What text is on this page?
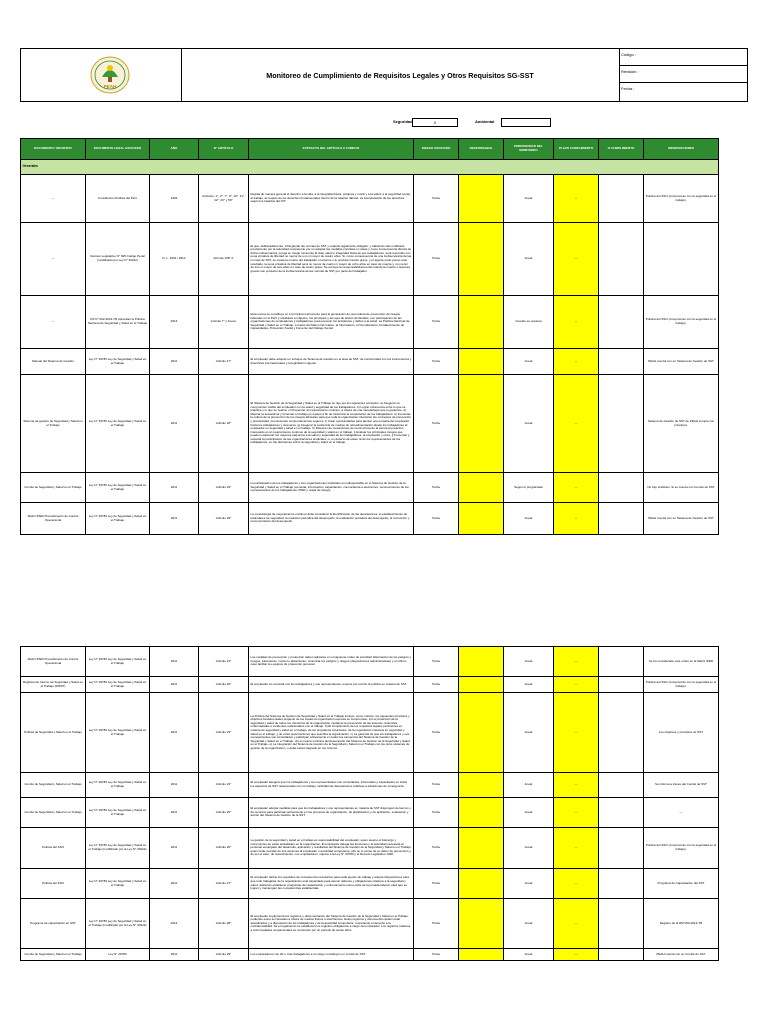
PEAH
Monitoreo de Cumplimiento de Requisitos Legales y Otros Requisitos SG-SST
Código :
Revisión :
Fecha :
Seguridad	X	Ambiental
DOCUMENTO / REGISTRO	DOCUMENTO LEGAL ASOCIADO	AÑO	N° ARTÍCULO	EXTRACTO DEL ARTÍCULO A CUMPLIR	RIESGO ASOCIADO	RESPONSABLE	PERIODICIDAD DEL MONITOREO	PLAZO CUMPLIMIENTO	% CUMPLIMIENTO	OBSERVACIONES
Generales										
---	Constitución Política del Perú	1993	Artículos: 1°, 2°, 7°, 9°, 10°, 11°, 22°, 23° y 59°	Regula de manera general el derecho a la vida, a la integridad física, psíquica y moral y a la salud, a la seguridad social, al trabajo, al respeto de los derechos fundamentales dentro de la relación laboral. La interpretación de los derechos según los tratados del OIT.	Todos		Anual	---		Política del SSO (compromiso con la seguridad en el trabajo).
---	Decreto Legislativo N° 635 Código Penal (modificado por Ley N° 30222)	D. L. 1991 / 2014	Artículo 168° A	El que, deliberadamente, infringiendo las normas de SST y estando legalmente obligado, y habiendo sido notificado previamente por la autoridad competente por no adoptar las medidas previstas en éstas y como consecuencia directa de dicha inobservancia, ponga en riesgo inminente la vida, salud o integridad física de sus trabajadores, será reprimido con pena privativa de libertad no menor de uno ni mayor de cuatro años. Si, como consecuencia de una inobservancia de las normas de SST, se causa la muerte del trabajador o terceros o le producen lesión grave, y el agente pudo prever este resultado, la pena privativa de libertad será no menor de cuatro ni mayor de ocho años en caso de muerte y, no menor de tres ni mayor de seis años en caso de lesión grave. Se excluye la responsabilidad penal cuando la muerte o lesiones graves son producto de la inobservancia de las normas de SST por parte del trabajador.	Todos		Anual	---		
---	DS N° 002-2013-TR Aprueban la Política Nacional de Seguridad y Salud en el Trabajo	2013	Artículo 7° y Anexo	Esta norma se constituye en el principal instrumento para la generación de una cultura de prevención de riesgos laborales en el Perú y establece el objetivo, los principios y los ejes de acción del Estado, con participación de las organizaciones de empleadores y trabajadores, para prevenir los accidentes y daños a la salud. La Política Nacional de Seguridad y Salud en el Trabajo, a través del Marco Normativo, la Información, el Cumplimiento, Fortalecimiento de Capacidades, Protección Social y Fomento del Diálogo Social.	Todos		Cuando se requiera	---		Política del SSO (compromiso con la seguridad en el trabajo).
Manual del Sistema de Gestión	Ley N° 29783 Ley de Seguridad y Salud en el Trabajo	2011	Artículo 17°	El empleador debe adoptar un enfoque de Sistema de Gestión en el área de SST, de conformidad con los instrumentos y directrices internacionales y la legislación vigente.	Todos		Anual	---		PEAH cuenta con un Sistema de Gestión de SST
Sistema de gestión de Seguridad y Salud en el Trabajo	Ley N° 29783 Ley de Seguridad y Salud en el Trabajo	2011	Artículo 18°	El Sistema de Gestión de la Seguridad y Salud en el Trabajo se rige por los siguientes principios: a) Asegurar un compromiso visible del empleador con la salud y seguridad de los trabajadores. b) Lograr coherencia entre lo que se planifica y lo que se realiza. c) Propender al mejoramiento continuo, a través de una metodología que lo garantice. d) Mejorar la autoestima y fomentar el trabajo en equipo a fin de incentivar la cooperación de los trabajadores. e) Fomentar la cultura de la prevención de los riesgos laborales para que toda la organización interiorice los conceptos de prevención y proactividad, promoviendo comportamientos seguros. f) Crear oportunidades para alentar una empatía del empleador hacia los trabajadores y viceversa. g) Asegurar la existencia de medios de retroalimentación desde los trabajadores al empleador en seguridad y salud en el trabajo. h) Disponer de mecanismos de reconocimiento al personal proactivo interesado en el mejoramiento continuo de la seguridad y salud en el trabajo. i) Evaluar los principales riesgos que pueden ocasionar los mayores perjuicios a la salud y seguridad de los trabajadores, al empleador y otros. j) Fomentar y respetar la participación de las organizaciones sindicales -o, en defecto de estas, la de los representantes de los trabajadores- en las decisiones sobre la seguridad y salud en el trabajo.	Todos		Anual	---		Sistema de Gestión de SST de PEAH cumple con principios.
Comité de Seguridad y Salud en el Trabajo	Ley N° 29783 Ley de Seguridad y Salud en el Trabajo	2011	Artículo 19°	La participación de los trabajadores y sus organizaciones sindicales es indispensable en el Sistema de Gestión de la Seguridad y Salud en el Trabajo (consulta, información, capacitación, convocatoria a elecciones, reconocimiento de los representantes de los trabajadores, IPER y mapa de riesgo).	Todos		Según lo programado	---		No hay sindicato. Si se cuenta con Comité de SST
Matriz IPER Procedimiento de Control Operacional	Ley N° 29783 Ley de Seguridad y Salud en el Trabajo	2011	Artículo 20°	La metodología de mejoramiento continuo debe considerar la identificación de las desviaciones, el establecimiento de estándares de seguridad, la medición periódica del desempeño, la evaluación periódica del desempeño, la corrección y reconocimiento del desempeño.	Todos		Anual	---		PEAH cuenta con un Sistema de Gestión de SST
Matriz IPER Procedimiento de Control Operacional	Ley N° 29783 Ley de Seguridad y Salud en el Trabajo	2011	Artículo 21°	Las medidas de prevención y protección deben aplicarse en el siguiente orden de prioridad: Eliminación de los peligros y riesgos; tratamiento, control o aislamiento; minimizar los peligros y riesgos (disposiciones administrativas) y en último caso facilitar los equipos de protección personal.	Todos		Anual	---		Se ha considerado este orden en la Matriz IPER
Reglamento Interno de Seguridad y Salud en el Trabajo (RISST)	Ley N° 29783 Ley de Seguridad y Salud en el Trabajo	2011	Artículo 22°	El empleador en consulta con los trabajadores y sus representantes, expone por escrito la política en materia de SST.	Todos		Anual	---		Política del SSO (compromiso con la seguridad en el trabajo).
Política de Seguridad y Salud en el Trabajo	Ley N° 29783 Ley de Seguridad y Salud en el Trabajo	2011	Artículo 23°	La Política del Sistema de Gestión de Seguridad y Salud en el Trabajo incluye, como mínimo, los siguientes principios y objetivos fundamentales respecto de los cuales la organización expresa su compromiso: a) La protección de la seguridad y salud de todos los miembros de la organización mediante la prevención de las lesiones, dolencias, enfermedades e incidentes relacionados con el trabajo. b) El cumplimiento de los requisitos legales pertinentes en materia de seguridad y salud en el trabajo, de los programas voluntarios, de la negociación colectiva en seguridad y salud en el trabajo, y de otras prescripciones que suscriba la organización. c) La garantía de que los trabajadores y sus representantes son consultados y participan activamente en todos los elementos del Sistema de Gestión de la Seguridad y Salud en el Trabajo. d) La mejora continua del desempeño del Sistema de Gestión de la Seguridad y Salud en el Trabajo. e) La integración del Sistema de Gestión de la Seguridad y Salud en el Trabajo con los otros sistemas de gestión de la organización, o debe estar integrado en los mismos.	Todos		Anual	---		Los objetivos y principios de SST
Comité de Seguridad y Salud en el Trabajo	Ley N° 29783 Ley de Seguridad y Salud en el Trabajo	2011	Artículo 24°	El empleador asegura que los trabajadores y sus representantes son consultados, informados y capacitados en todos los aspectos de SST relacionados con su trabajo, incluidas las disposiciones relativas a situaciones de emergencia.	Todos		Anual	---		Se informa a través del Comité de SST
Comité de Seguridad y Salud en el Trabajo	Ley N° 29783 Ley de Seguridad y Salud en el Trabajo	2011	Artículo 25°	El empleador adopta medidas para que los trabajadores y sus representantes en materia de SST dispongan de tiempo y de recursos para participar activamente en los procesos de organización, de planificación y de aplicación, evaluación y acción del Sistema de Gestión de la SST.	Todos		Anual	---		---
Política del SSO	Ley N° 29783 Ley de Seguridad y Salud en el Trabajo (modificado por la Ley N° 30222)	2011	Artículo 26°	La gestión de la seguridad y salud en el trabajo es responsabilidad del empleador, quien asume el liderazgo y compromiso de estas actividades en la organización. El empleador delega las funciones y la autoridad necesaria al personal encargado del desarrollo, aplicación y resultados del Sistema de Gestión de la Seguridad y Salud en el Trabajo, quien rinde cuentas de sus acciones al empleador o autoridad competente; ello no lo exime de su deber de prevención y, de ser el caso, de resarcimiento. Los empleadores, sujetos a la Ley N° 29783 y el Decreto Legislativo 1038.	Todos		Anual	---		Política del SSO (compromiso con la seguridad en el trabajo).
Política del SSO	Ley N° 29783 Ley de Seguridad y Salud en el Trabajo	2011	Artículo 27°	El empleador define los requisitos de competencia necesarios para cada puesto de trabajo y adopta disposiciones para que todo trabajador de la organización esté capacitado para asumir deberes y obligaciones relativos a la seguridad y salud, debiendo establecer programas de capacitación y entrenamiento como parte de la jornada laboral, para que se logren y mantengan las competencias establecidas.	Todos		Anual	---		Programa de Capacitación del SST
Programa de capacitación en SST	Ley N° 29783 Ley de Seguridad y Salud en el Trabajo (modificado por la Ley N° 30222)	2014	Artículo 28°	El empleador implementa los registros y documentación del Sistema de Gestión de la Seguridad y Salud en el Trabajo, pudiendo estos ser llevados a través de medios físicos o electrónicos. Estos registros y documentos deben estar actualizados y a disposición de los trabajadores y de la autoridad competente, respetando el derecho a la confidencialidad. Se el reglamento se establecen los registros obligatorios a cargo del empleador. Los registros relativos a enfermedades ocupacionales se conservan por un periodo de veinte años.	Todos		Anual	---		Registro de la RM 050-2013-TR
Comité de Seguridad y Salud en el Trabajo	Ley N° 29783	2011	Artículo 29°	Los empleadores con 20 o más trabajadores a su cargo constituyen un comité de SST.	Todos		Anual	---		PEAH cuenta con un Comité de SST
